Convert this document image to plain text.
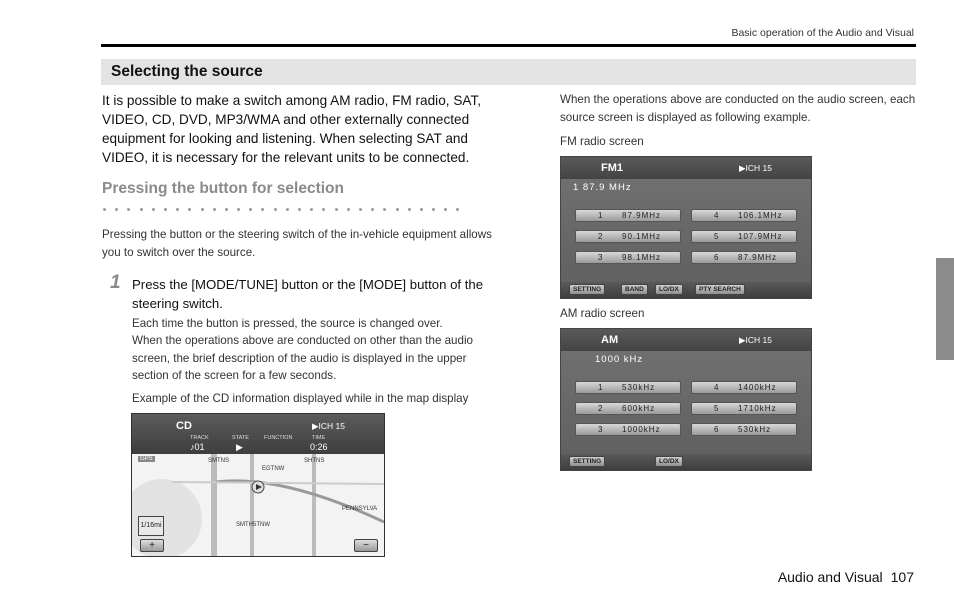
Basic operation of the Audio and Visual
Selecting the source

It is possible to make a switch among AM radio, FM radio, SAT, VIDEO, CD, DVD, MP3/WMA and other externally connected equipment for looking and listening. When selecting SAT and VIDEO, it is necessary for the relevant units to be connected.

Pressing the button for selection

Pressing the button or the steering switch of the in-vehicle equipment allows you to switch over the source.

1 Press the [MODE/TUNE] button or the [MODE] button of the steering switch.

Each time the button is pressed, the source is changed over.

When the operations above are conducted on other than the audio screen, the brief description of the audio is displayed in the upper section of the screen for a few seconds.

Example of the CD information displayed while in the map display

CD	▶ICH 15
TRACK	STATE	FUNCTION	TIME
♪01	▶	0:26
GPS
EGTNW
SHTNS
SMTNS
PENNSYLVA
SMTH5TNW
1/16mi
+	−

When the operations above are conducted on the audio screen, each source screen is displayed as following example.

FM radio screen

FM1	▶ICH 15
1 87.9 MHz
1 87.9MHz	4 106.1MHz
2 90.1MHz	5 107.9MHz
3 98.1MHz	6 87.9MHz
SETTING	BAND	LO/DX	PTY SEARCH

AM radio screen

AM	▶ICH 15
1000 kHz
1 530kHz	4 1400kHz
2 600kHz	5 1710kHz
3 1000kHz	6 530kHz
SETTING	LO/DX
Audio and Visual 107
